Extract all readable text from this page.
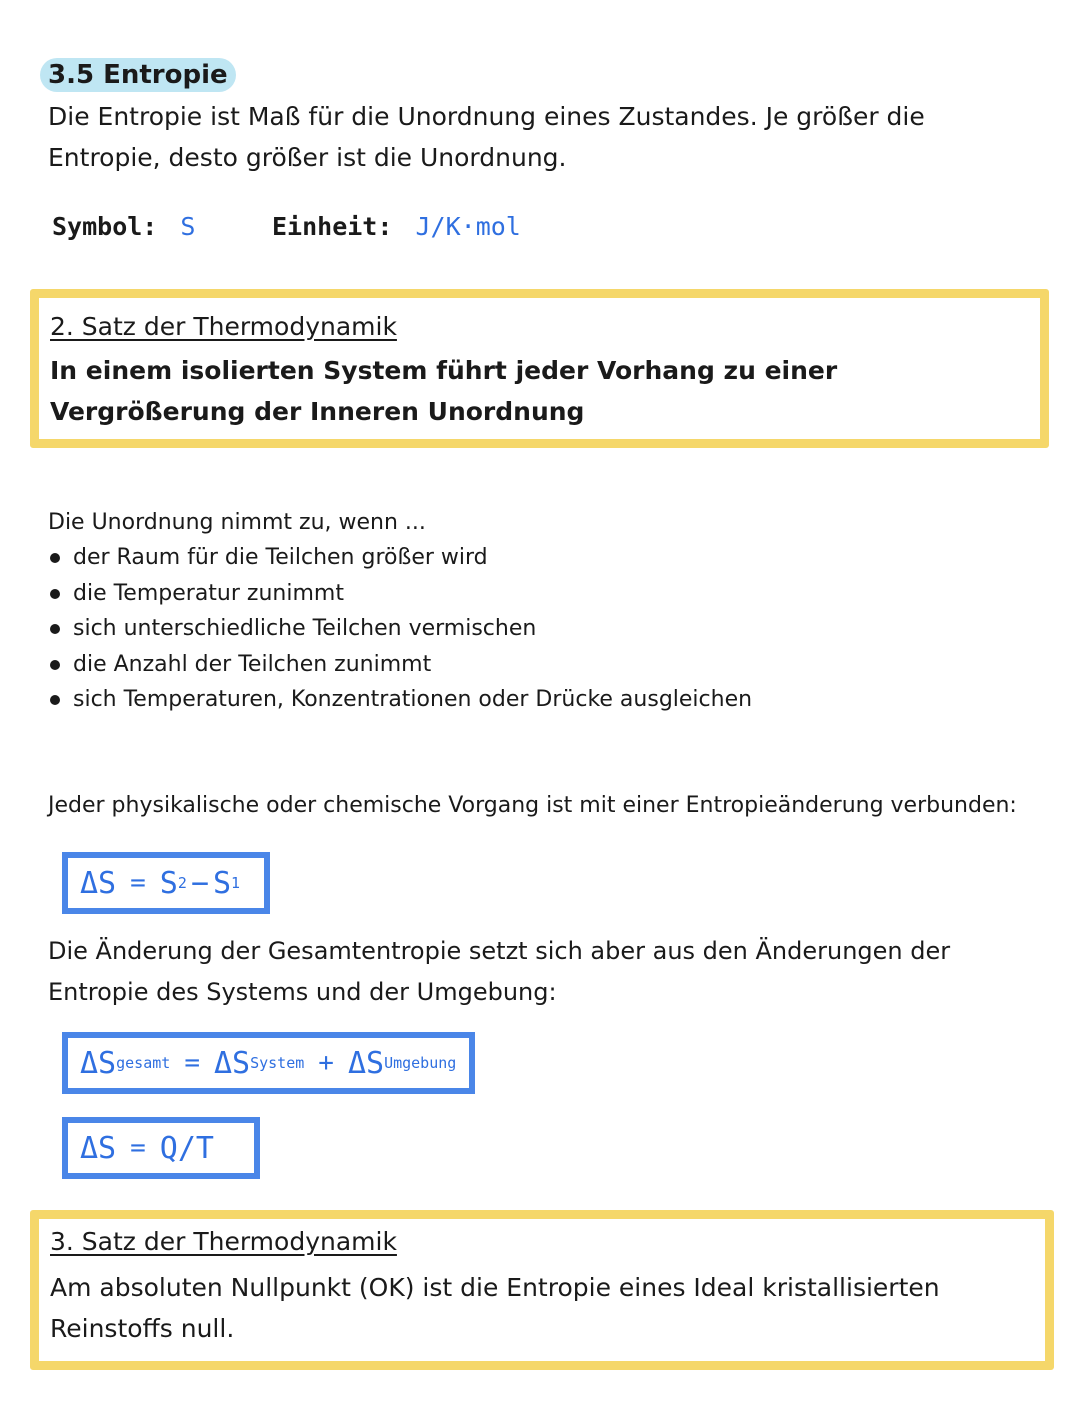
3.5 Entropie
Die Entropie ist Maß für die Unordnung eines Zustandes. Je größer die Entropie, desto größer ist die Unordnung.
Symbol: S	Einheit: J/K·mol
2. Satz der Thermodynamik
In einem isolierten System führt jeder Vorhang zu einer Vergrößerung der Inneren Unordnung
Die Unordnung nimmt zu, wenn ...
der Raum für die Teilchen größer wird
die Temperatur zunimmt
sich unterschiedliche Teilchen vermischen
die Anzahl der Teilchen zunimmt
sich Temperaturen, Konzentrationen oder Drücke ausgleichen
Jeder physikalische oder chemische Vorgang ist mit einer Entropieänderung verbunden:
ΔS = S 2 − S 1
Die Änderung der Gesamtentropie setzt sich aber aus den Änderungen der Entropie des Systems und der Umgebung:
ΔS gesamt = ΔS System + ΔS Umgebung
ΔS = Q/T
3. Satz der Thermodynamik
Am absoluten Nullpunkt (OK) ist die Entropie eines Ideal kristallisierten Reinstoffs null.
